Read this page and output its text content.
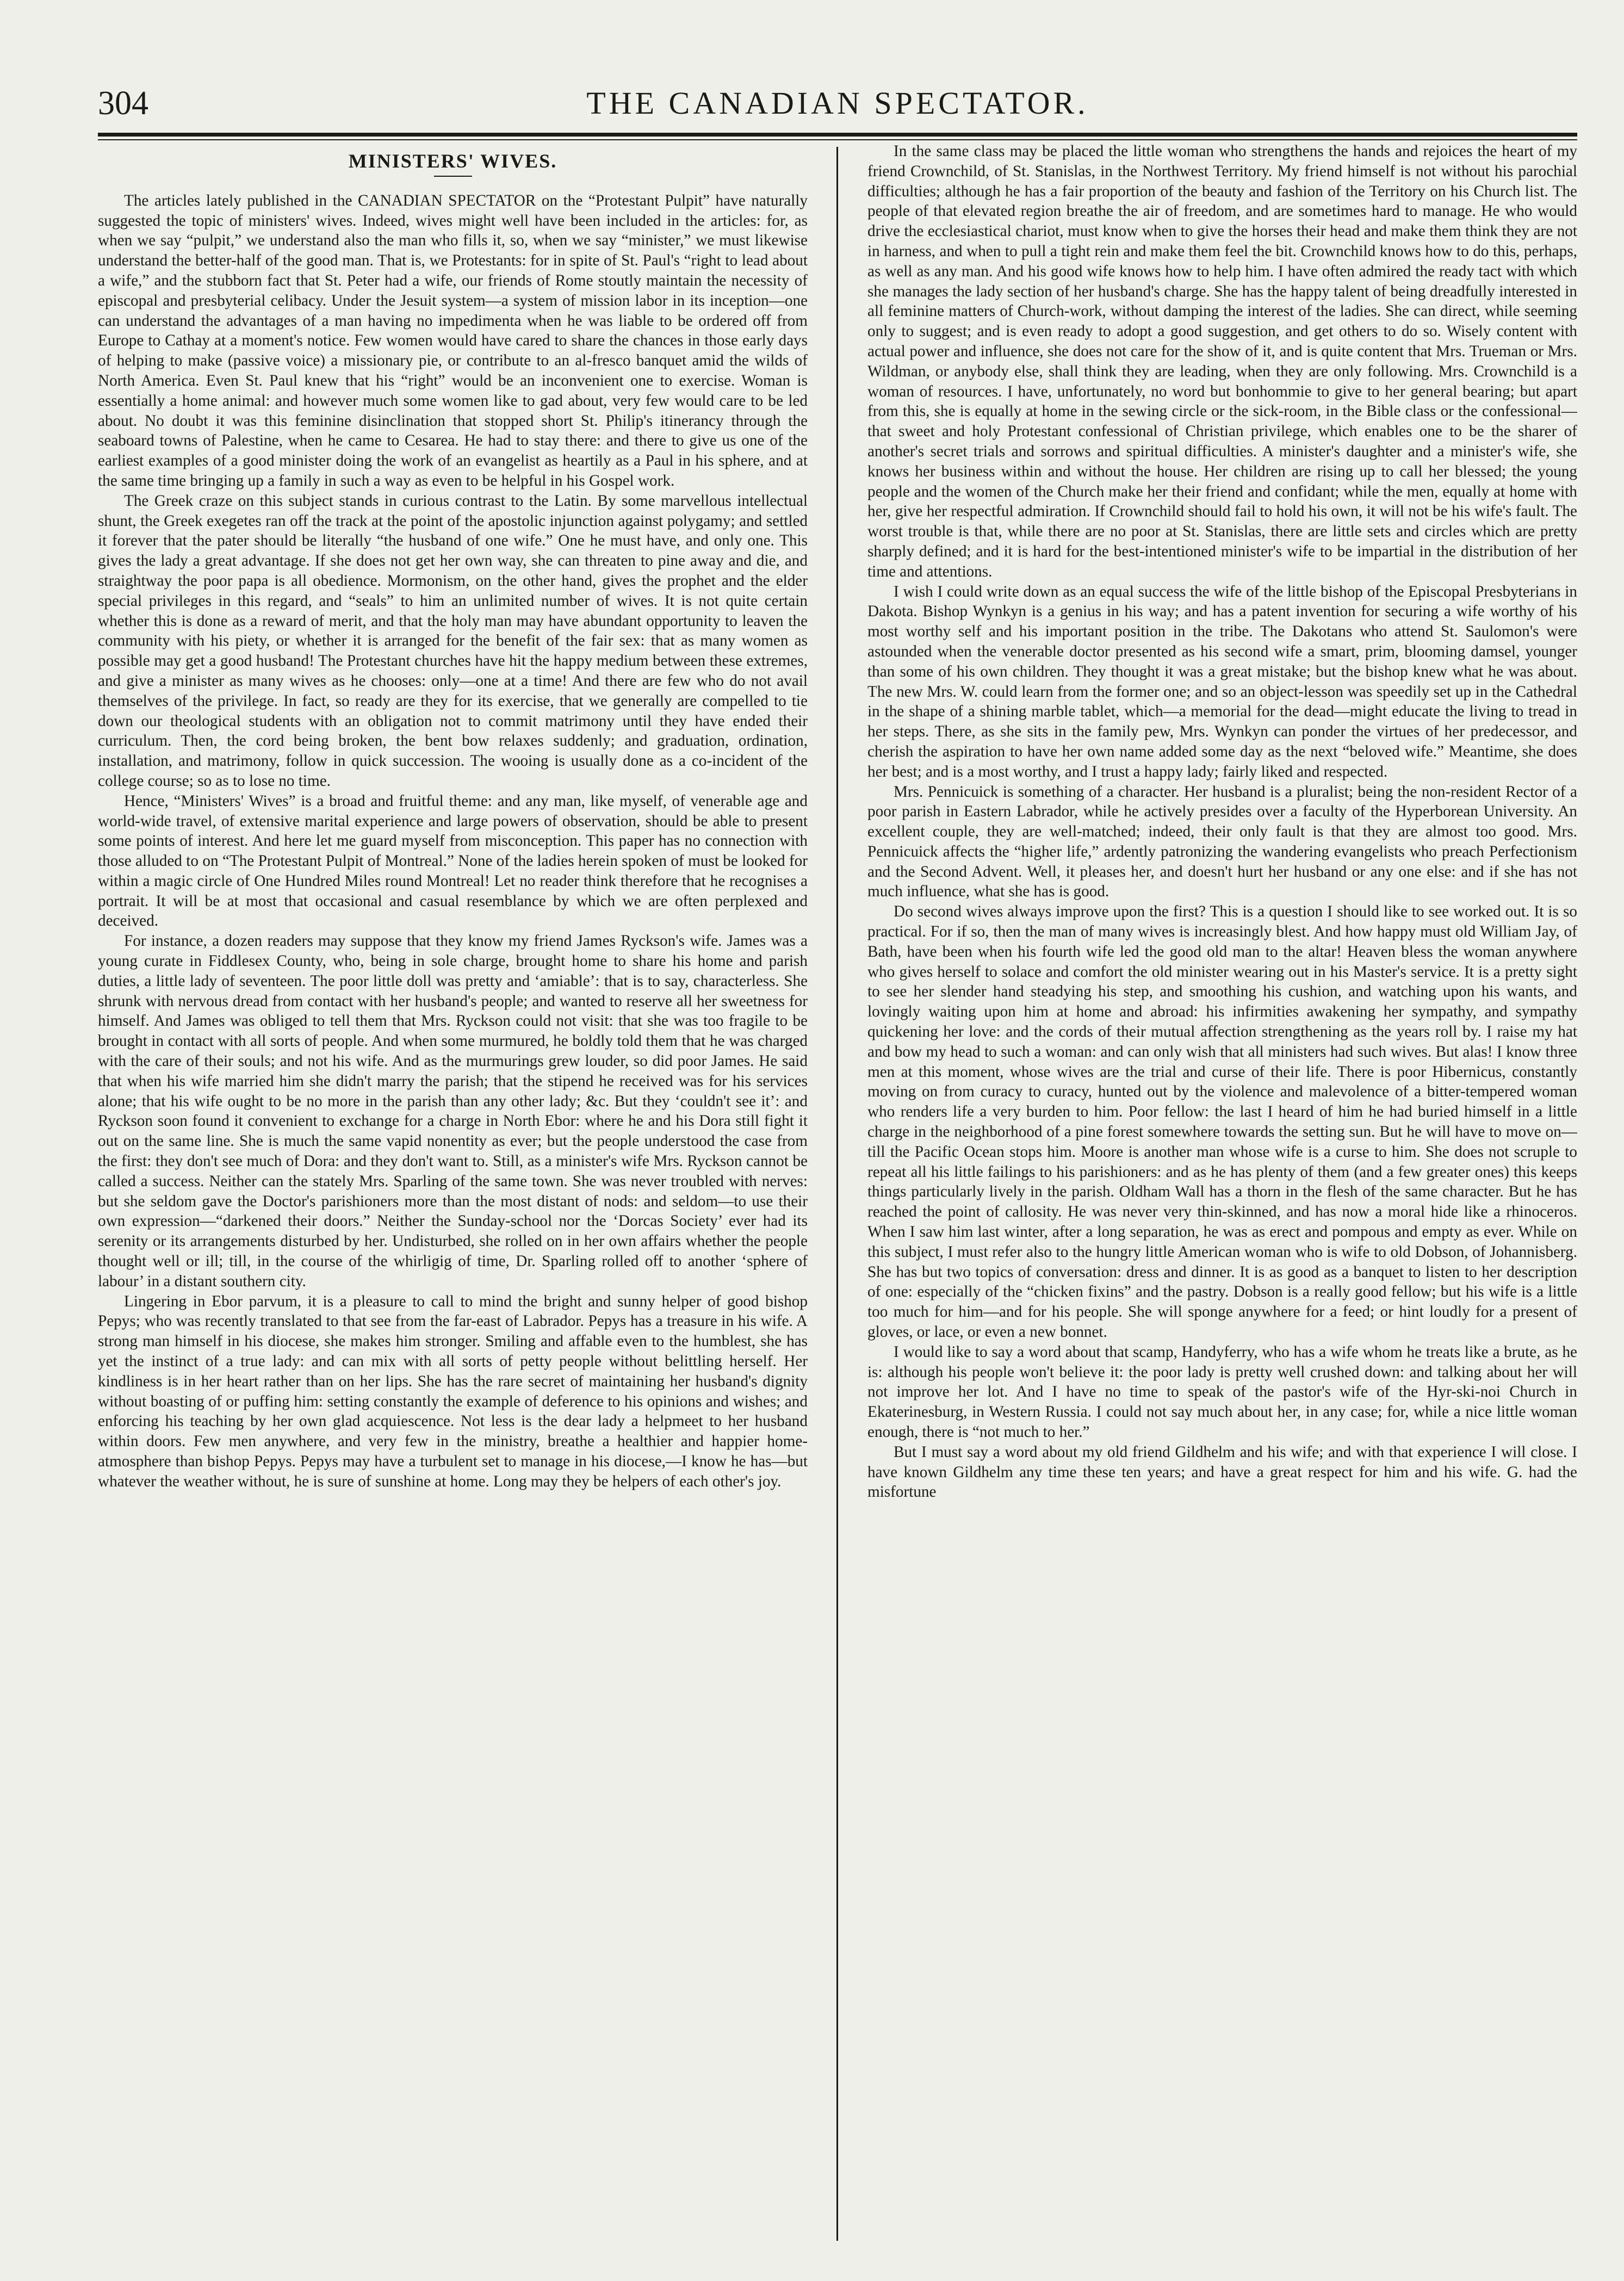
304	THE CANADIAN SPECTATOR.
MINISTERS' WIVES.

The articles lately published in the CANADIAN SPECTATOR on the “Protestant Pulpit” have naturally suggested the topic of ministers' wives. Indeed, wives might well have been included in the articles: for, as when we say “pulpit,” we understand also the man who fills it, so, when we say “minister,” we must likewise understand the better-half of the good man. That is, we Protestants: for in spite of St. Paul's “right to lead about a wife,” and the stubborn fact that St. Peter had a wife, our friends of Rome stoutly maintain the necessity of episcopal and presbyterial celibacy. Under the Jesuit system—a system of mission labor in its inception—one can understand the advantages of a man having no impedimenta when he was liable to be ordered off from Europe to Cathay at a moment's notice. Few women would have cared to share the chances in those early days of helping to make (passive voice) a missionary pie, or contribute to an al-fresco banquet amid the wilds of North America. Even St. Paul knew that his “right” would be an inconvenient one to exercise. Woman is essentially a home animal: and however much some women like to gad about, very few would care to be led about. No doubt it was this feminine disinclination that stopped short St. Philip's itinerancy through the seaboard towns of Palestine, when he came to Cesarea. He had to stay there: and there to give us one of the earliest examples of a good minister doing the work of an evangelist as heartily as a Paul in his sphere, and at the same time bringing up a family in such a way as even to be helpful in his Gospel work.

The Greek craze on this subject stands in curious contrast to the Latin. By some marvellous intellectual shunt, the Greek exegetes ran off the track at the point of the apostolic injunction against polygamy; and settled it forever that the pater should be literally “the husband of one wife.” One he must have, and only one. This gives the lady a great advantage. If she does not get her own way, she can threaten to pine away and die, and straightway the poor papa is all obedience. Mormonism, on the other hand, gives the prophet and the elder special privileges in this regard, and “seals” to him an unlimited number of wives. It is not quite certain whether this is done as a reward of merit, and that the holy man may have abundant opportunity to leaven the community with his piety, or whether it is arranged for the benefit of the fair sex: that as many women as possible may get a good husband! The Protestant churches have hit the happy medium between these extremes, and give a minister as many wives as he chooses: only—one at a time! And there are few who do not avail themselves of the privilege. In fact, so ready are they for its exercise, that we generally are compelled to tie down our theological students with an obligation not to commit matrimony until they have ended their curriculum. Then, the cord being broken, the bent bow relaxes suddenly; and graduation, ordination, installation, and matrimony, follow in quick succession. The wooing is usually done as a co-incident of the college course; so as to lose no time.

Hence, “Ministers' Wives” is a broad and fruitful theme: and any man, like myself, of venerable age and world-wide travel, of extensive marital experience and large powers of observation, should be able to present some points of interest. And here let me guard myself from misconception. This paper has no connection with those alluded to on “The Protestant Pulpit of Montreal.” None of the ladies herein spoken of must be looked for within a magic circle of One Hundred Miles round Montreal! Let no reader think therefore that he recognises a portrait. It will be at most that occasional and casual resemblance by which we are often perplexed and deceived.

For instance, a dozen readers may suppose that they know my friend James Ryckson's wife. James was a young curate in Fiddlesex County, who, being in sole charge, brought home to share his home and parish duties, a little lady of seventeen. The poor little doll was pretty and ‘amiable’: that is to say, characterless. She shrunk with nervous dread from contact with her husband's people; and wanted to reserve all her sweetness for himself. And James was obliged to tell them that Mrs. Ryckson could not visit: that she was too fragile to be brought in contact with all sorts of people. And when some murmured, he boldly told them that he was charged with the care of their souls; and not his wife. And as the murmurings grew louder, so did poor James. He said that when his wife married him she didn't marry the parish; that the stipend he received was for his services alone; that his wife ought to be no more in the parish than any other lady; &c. But they ‘couldn't see it’: and Ryckson soon found it convenient to exchange for a charge in North Ebor: where he and his Dora still fight it out on the same line. She is much the same vapid nonentity as ever; but the people understood the case from the first: they don't see much of Dora: and they don't want to. Still, as a minister's wife Mrs. Ryckson cannot be called a success. Neither can the stately Mrs. Sparling of the same town. She was never troubled with nerves: but she seldom gave the Doctor's parishioners more than the most distant of nods: and seldom—to use their own expression—“darkened their doors.” Neither the Sunday-school nor the ‘Dorcas Society’ ever had its serenity or its arrangements disturbed by her. Undisturbed, she rolled on in her own affairs whether the people thought well or ill; till, in the course of the whirligig of time, Dr. Sparling rolled off to another ‘sphere of labour’ in a distant southern city.

Lingering in Ebor parvum, it is a pleasure to call to mind the bright and sunny helper of good bishop Pepys; who was recently translated to that see from the far-east of Labrador. Pepys has a treasure in his wife. A strong man himself in his diocese, she makes him stronger. Smiling and affable even to the humblest, she has yet the instinct of a true lady: and can mix with all sorts of petty people without belittling herself. Her kindliness is in her heart rather than on her lips. She has the rare secret of maintaining her husband's dignity without boasting of or puffing him: setting constantly the example of deference to his opinions and wishes; and enforcing his teaching by her own glad acquiescence. Not less is the dear lady a helpmeet to her husband within doors. Few men anywhere, and very few in the ministry, breathe a healthier and happier home-atmosphere than bishop Pepys. Pepys may have a turbulent set to manage in his diocese,—I know he has—but whatever the weather without, he is sure of sunshine at home. Long may they be helpers of each other's joy.

In the same class may be placed the little woman who strengthens the hands and rejoices the heart of my friend Crownchild, of St. Stanislas, in the Northwest Territory. My friend himself is not without his parochial difficulties; although he has a fair proportion of the beauty and fashion of the Territory on his Church list. The people of that elevated region breathe the air of freedom, and are sometimes hard to manage. He who would drive the ecclesiastical chariot, must know when to give the horses their head and make them think they are not in harness, and when to pull a tight rein and make them feel the bit. Crownchild knows how to do this, perhaps, as well as any man. And his good wife knows how to help him. I have often admired the ready tact with which she manages the lady section of her husband's charge. She has the happy talent of being dreadfully interested in all feminine matters of Church-work, without damping the interest of the ladies. She can direct, while seeming only to suggest; and is even ready to adopt a good suggestion, and get others to do so. Wisely content with actual power and influence, she does not care for the show of it, and is quite content that Mrs. Trueman or Mrs. Wildman, or anybody else, shall think they are leading, when they are only following. Mrs. Crownchild is a woman of resources. I have, unfortunately, no word but bonhommie to give to her general bearing; but apart from this, she is equally at home in the sewing circle or the sick-room, in the Bible class or the confessional—that sweet and holy Protestant confessional of Christian privilege, which enables one to be the sharer of another's secret trials and sorrows and spiritual difficulties. A minister's daughter and a minister's wife, she knows her business within and without the house. Her children are rising up to call her blessed; the young people and the women of the Church make her their friend and confidant; while the men, equally at home with her, give her respectful admiration. If Crownchild should fail to hold his own, it will not be his wife's fault. The worst trouble is that, while there are no poor at St. Stanislas, there are little sets and circles which are pretty sharply defined; and it is hard for the best-intentioned minister's wife to be impartial in the distribution of her time and attentions.

I wish I could write down as an equal success the wife of the little bishop of the Episcopal Presbyterians in Dakota. Bishop Wynkyn is a genius in his way; and has a patent invention for securing a wife worthy of his most worthy self and his important position in the tribe. The Dakotans who attend St. Saulomon's were astounded when the venerable doctor presented as his second wife a smart, prim, blooming damsel, younger than some of his own children. They thought it was a great mistake; but the bishop knew what he was about. The new Mrs. W. could learn from the former one; and so an object-lesson was speedily set up in the Cathedral in the shape of a shining marble tablet, which—a memorial for the dead—might educate the living to tread in her steps. There, as she sits in the family pew, Mrs. Wynkyn can ponder the virtues of her predecessor, and cherish the aspiration to have her own name added some day as the next “beloved wife.” Meantime, she does her best; and is a most worthy, and I trust a happy lady; fairly liked and respected.

Mrs. Pennicuick is something of a character. Her husband is a pluralist; being the non-resident Rector of a poor parish in Eastern Labrador, while he actively presides over a faculty of the Hyperborean University. An excellent couple, they are well-matched; indeed, their only fault is that they are almost too good. Mrs. Pennicuick affects the “higher life,” ardently patronizing the wandering evangelists who preach Perfectionism and the Second Advent. Well, it pleases her, and doesn't hurt her husband or any one else: and if she has not much influence, what she has is good.

Do second wives always improve upon the first? This is a question I should like to see worked out. It is so practical. For if so, then the man of many wives is increasingly blest. And how happy must old William Jay, of Bath, have been when his fourth wife led the good old man to the altar! Heaven bless the woman anywhere who gives herself to solace and comfort the old minister wearing out in his Master's service. It is a pretty sight to see her slender hand steadying his step, and smoothing his cushion, and watching upon his wants, and lovingly waiting upon him at home and abroad: his infirmities awakening her sympathy, and sympathy quickening her love: and the cords of their mutual affection strengthening as the years roll by. I raise my hat and bow my head to such a woman: and can only wish that all ministers had such wives. But alas! I know three men at this moment, whose wives are the trial and curse of their life. There is poor Hibernicus, constantly moving on from curacy to curacy, hunted out by the violence and malevolence of a bitter-tempered woman who renders life a very burden to him. Poor fellow: the last I heard of him he had buried himself in a little charge in the neighborhood of a pine forest somewhere towards the setting sun. But he will have to move on—till the Pacific Ocean stops him. Moore is another man whose wife is a curse to him. She does not scruple to repeat all his little failings to his parishioners: and as he has plenty of them (and a few greater ones) this keeps things particularly lively in the parish. Oldham Wall has a thorn in the flesh of the same character. But he has reached the point of callosity. He was never very thin-skinned, and has now a moral hide like a rhinoceros. When I saw him last winter, after a long separation, he was as erect and pompous and empty as ever. While on this subject, I must refer also to the hungry little American woman who is wife to old Dobson, of Johannisberg. She has but two topics of conversation: dress and dinner. It is as good as a banquet to listen to her description of one: especially of the “chicken fixins” and the pastry. Dobson is a really good fellow; but his wife is a little too much for him—and for his people. She will sponge anywhere for a feed; or hint loudly for a present of gloves, or lace, or even a new bonnet.

I would like to say a word about that scamp, Handyferry, who has a wife whom he treats like a brute, as he is: although his people won't believe it: the poor lady is pretty well crushed down: and talking about her will not improve her lot. And I have no time to speak of the pastor's wife of the Hyr-ski-noi Church in Ekaterinesburg, in Western Russia. I could not say much about her, in any case; for, while a nice little woman enough, there is “not much to her.”

But I must say a word about my old friend Gildhelm and his wife; and with that experience I will close. I have known Gildhelm any time these ten years; and have a great respect for him and his wife. G. had the misfortune
